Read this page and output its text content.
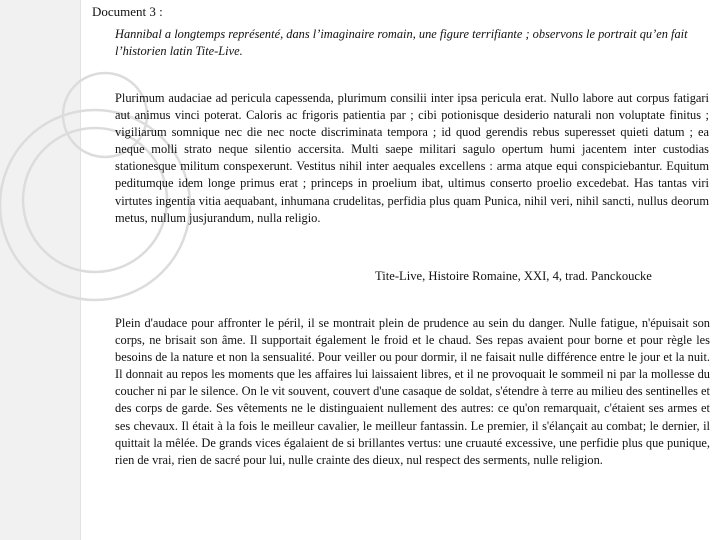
Document 3 :

Hannibal a longtemps représenté, dans l’imaginaire romain, une figure terrifiante ; observons le portrait qu’en fait l’historien latin Tite-Live.

Plurimum audaciae ad pericula capessenda, plurimum consilii inter ipsa pericula erat. Nullo labore aut corpus fatigari aut animus vinci poterat. Caloris ac frigoris patientia par ; cibi potionisque desiderio naturali non voluptate finitus ; vigiliarum somnique nec die nec nocte discriminata tempora ; id quod gerendis rebus superesset quieti datum ; ea neque molli strato neque silentio accersita. Multi saepe militari sagulo opertum humi jacentem inter custodias stationesque militum conspexerunt. Vestitus nihil inter aequales excellens : arma atque equi conspiciebantur. Equitum peditumque idem longe primus erat ; princeps in proelium ibat, ultimus conserto proelio excedebat. Has tantas viri virtutes ingentia vitia aequabant, inhumana crudelitas, perfidia plus quam Punica, nihil veri, nihil sancti, nullus deorum metus, nullum jusjurandum, nulla religio.

Tite-Live, Histoire Romaine, XXI, 4, trad. Panckoucke

Plein d'audace pour affronter le péril, il se montrait plein de prudence au sein du danger. Nulle fatigue, n'épuisait son corps, ne brisait son âme. Il supportait également le froid et le chaud. Ses repas avaient pour borne et pour règle les besoins de la nature et non la sensualité. Pour veiller ou pour dormir, il ne faisait nulle différence entre le jour et la nuit. Il donnait au repos les moments que les affaires lui laissaient libres, et il ne provoquait le sommeil ni par la mollesse du coucher ni par le silence. On le vit souvent, couvert d'une casaque de soldat, s'étendre à terre au milieu des sentinelles et des corps de garde. Ses vêtements ne le distinguaient nullement des autres: ce qu'on remarquait, c'étaient ses armes et ses chevaux. Il était à la fois le meilleur cavalier, le meilleur fantassin. Le premier, il s'élançait au combat; le dernier, il quittait la mêlée. De grands vices égalaient de si brillantes vertus: une cruauté excessive, une perfidie plus que punique, rien de vrai, rien de sacré pour lui, nulle crainte des dieux, nul respect des serments, nulle religion.
